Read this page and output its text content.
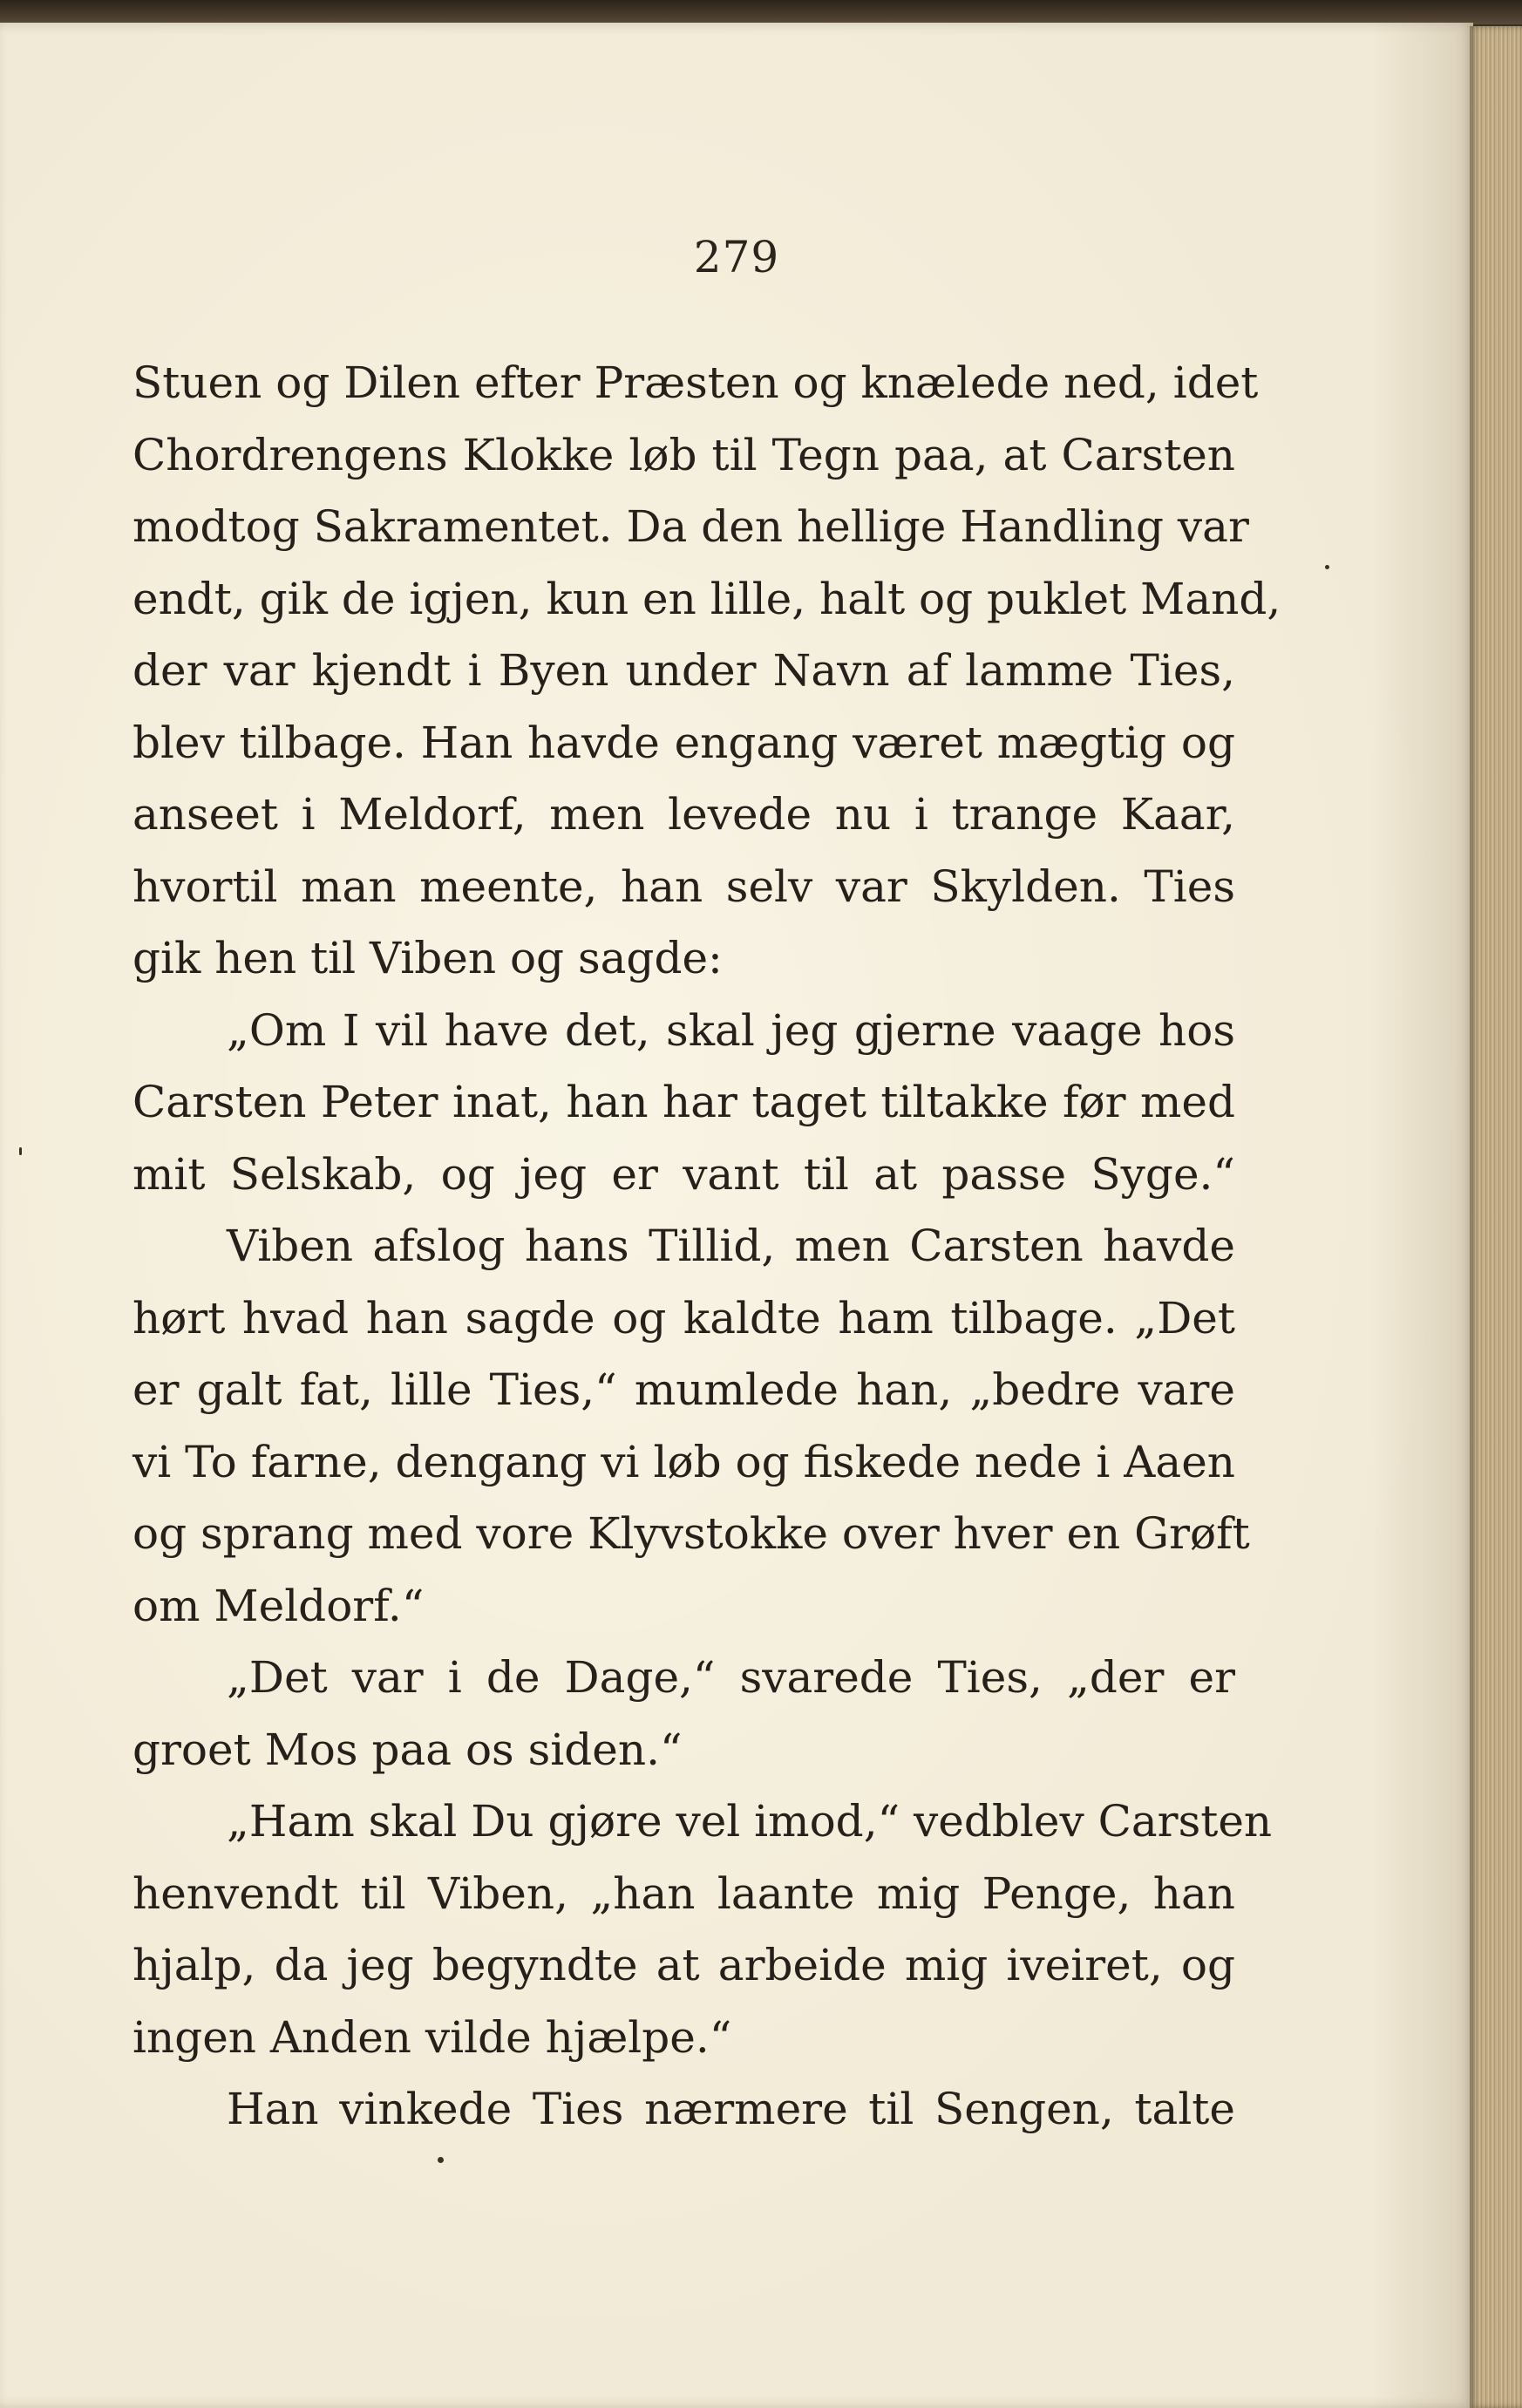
279
Stuen og Dilen efter Præsten og knælede ned, idet
Chordrengens Klokke løb til Tegn paa, at Carsten
modtog Sakramentet. Da den hellige Handling var
endt, gik de igjen, kun en lille, halt og puklet Mand,
der var kjendt i Byen under Navn af lamme Ties,
blev tilbage. Han havde engang været mægtig og
anseet i Meldorf, men levede nu i trange Kaar,
hvortil man meente, han selv var Skylden. Ties
gik hen til Viben og sagde:
„Om I vil have det, skal jeg gjerne vaage hos
Carsten Peter inat, han har taget tiltakke før med
mit Selskab, og jeg er vant til at passe Syge.“
Viben afslog hans Tillid, men Carsten havde
hørt hvad han sagde og kaldte ham tilbage. „Det
er galt fat, lille Ties,“ mumlede han, „bedre vare
vi To farne, dengang vi løb og fiskede nede i Aaen
og sprang med vore Klyvstokke over hver en Grøft
om Meldorf.“
„Det var i de Dage,“ svarede Ties, „der er
groet Mos paa os siden.“
„Ham skal Du gjøre vel imod,“ vedblev Carsten
henvendt til Viben, „han laante mig Penge, han
hjalp, da jeg begyndte at arbeide mig iveiret, og
ingen Anden vilde hjælpe.“
Han vinkede Ties nærmere til Sengen, talte
